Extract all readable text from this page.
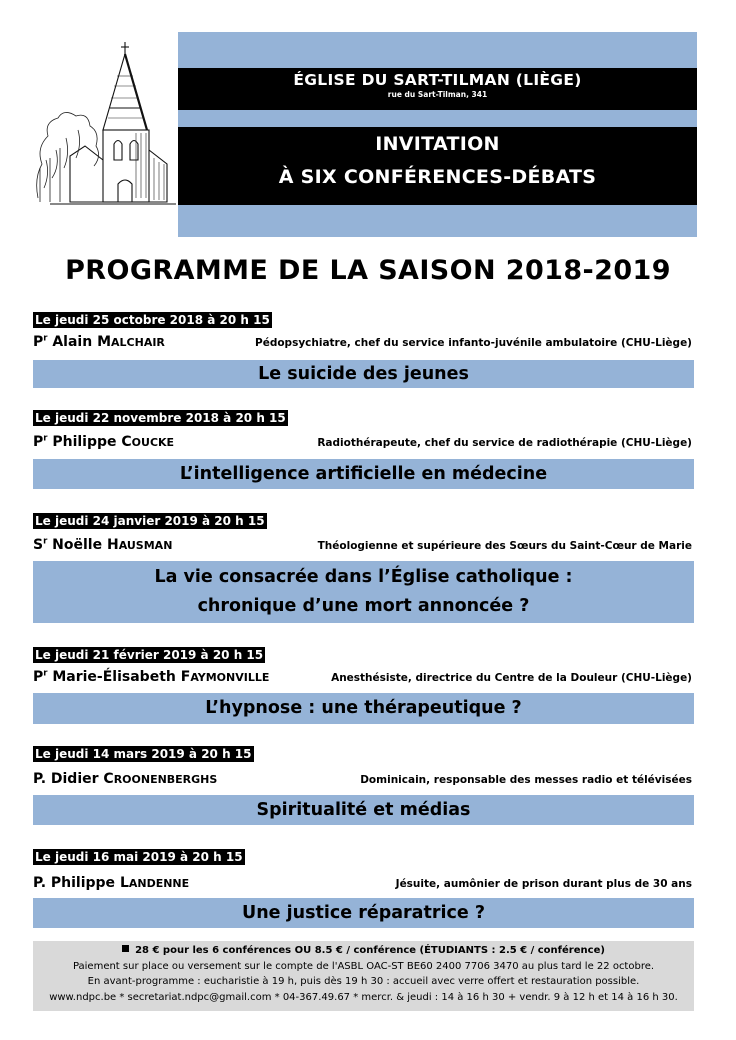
ÉGLISE DU SART-TILMAN (LIÈGE)
rue du Sart-Tilman, 341
INVITATION
À SIX CONFÉRENCES-DÉBATS
PROGRAMME DE LA SAISON 2018-2019
Le jeudi 25 octobre 2018 à 20 h 15
$P^r$ Alain MALCHAIR	Pédopsychiatre, chef du service infanto-juvénile ambulatoire (CHU-Liège)
Le suicide des jeunes
Le jeudi 22 novembre 2018 à 20 h 15
$P^r$ Philippe COUCKE	Radiothérapeute, chef du service de radiothérapie (CHU-Liège)
L’intelligence artificielle en médecine
Le jeudi 24 janvier 2019 à 20 h 15
$S^r$ Noëlle HAUSMAN	Théologienne et supérieure des Sœurs du Saint-Cœur de Marie
La vie consacrée dans l’Église catholique :
chronique d’une mort annoncée ?
Le jeudi 21 février 2019 à 20 h 15
$P^r$ Marie-Élisabeth FAYMONVILLE	Anesthésiste, directrice du Centre de la Douleur (CHU-Liège)
L’hypnose : une thérapeutique ?
Le jeudi 14 mars 2019 à 20 h 15
P. Didier CROONENBERGHS	Dominicain, responsable des messes radio et télévisées
Spiritualité et médias
Le jeudi 16 mai 2019 à 20 h 15
P. Philippe LANDENNE	Jésuite, aumônier de prison durant plus de 30 ans
Une justice réparatrice ?
28 € pour les 6 conférences OU 8.5 € / conférence (ÉTUDIANTS : 2.5 € / conférence)
Paiement sur place ou versement sur le compte de l'ASBL OAC-ST BE60 2400 7706 3470 au plus tard le 22 octobre.
En avant-programme : eucharistie à 19 h, puis dès 19 h 30 : accueil avec verre offert et restauration possible.
www.ndpc.be * secretariat.ndpc@gmail.com * 04-367.49.67 * mercr. & jeudi : 14 à 16 h 30 + vendr. 9 à 12 h et 14 à 16 h 30.
